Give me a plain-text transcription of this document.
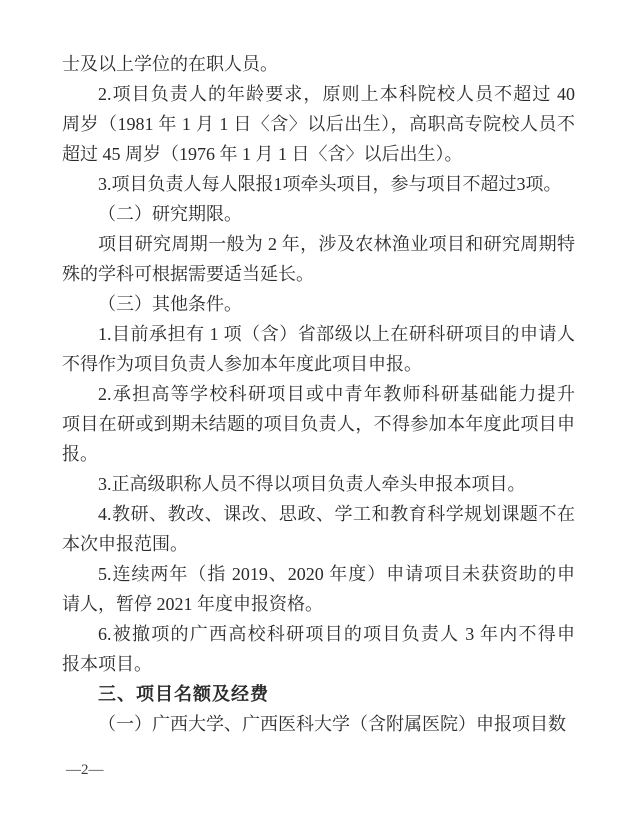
士及以上学位的在职人员。
2.项目负责人的年龄要求，原则上本科院校人员不超过 40
周岁（1981 年 1 月 1 日〈含〉以后出生），高职高专院校人员不
超过 45 周岁（1976 年 1 月 1 日〈含〉以后出生）。
3.项目负责人每人限报1项牵头项目，参与项目不超过3项。
（二）研究期限。
项目研究周期一般为 2 年，涉及农林渔业项目和研究周期特
殊的学科可根据需要适当延长。
（三）其他条件。
1.目前承担有 1 项（含）省部级以上在研科研项目的申请人
不得作为项目负责人参加本年度此项目申报。
2.承担高等学校科研项目或中青年教师科研基础能力提升
项目在研或到期未结题的项目负责人，不得参加本年度此项目申
报。
3.正高级职称人员不得以项目负责人牵头申报本项目。
4.教研、教改、课改、思政、学工和教育科学规划课题不在
本次申报范围。
5.连续两年（指 2019、2020 年度）申请项目未获资助的申
请人，暂停 2021 年度申报资格。
6.被撤项的广西高校科研项目的项目负责人 3 年内不得申
报本项目。
三、项目名额及经费
（一）广西大学、广西医科大学（含附属医院）申报项目数
—2—
